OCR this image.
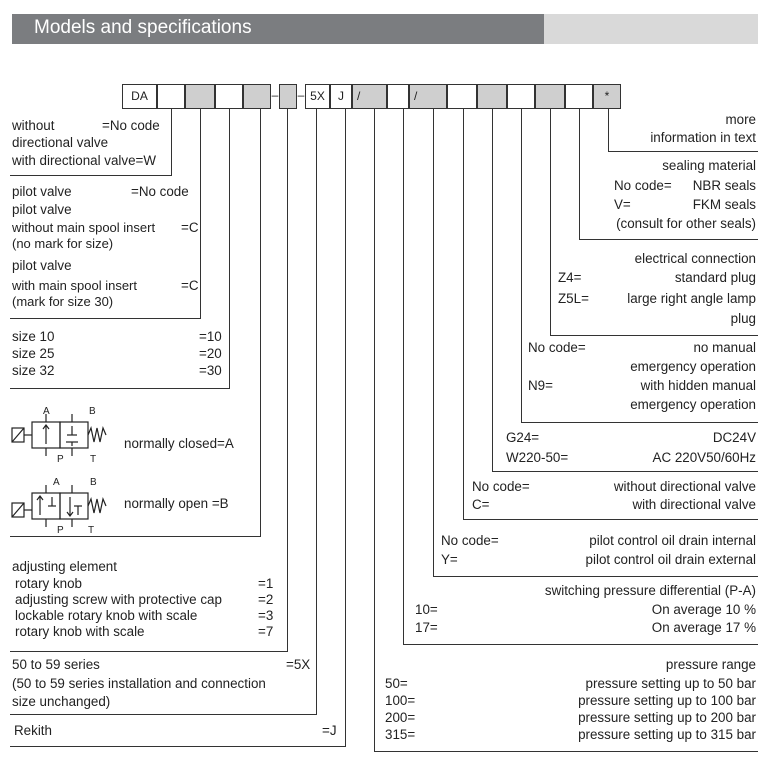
Models and specifications
DA	– – 5X	J	/	/	*
without	=No code
directional valve
with directional valve=W
pilot valve	=No code
pilot valve
without main spool insert =C
(no mark for size)
pilot valve
with main spool insert	=C
(mark for size 30)
size 10	=10
size 25	=20
size 32	=30
A	B
P	T
normally closed=A
A	B
P T
normally open =B
adjusting element
rotary knob	=1
adjusting screw with protective cap	=2
lockable rotary knob with scale	=3
rotary knob with scale	=7
50 to 59 series	=5X
(50 to 59 series installation and connection
size unchanged)
Rekith	=J
more
information in text
sealing material
No code= NBR seals
V=	FKM seals
(consult for other seals)
electrical connection
Z4=	standard plug
Z5L=	large right angle lamp
plug
No code=	no manual
emergency operation
N9=	with hidden manual
emergency operation
G24=	DC24V
W220-50=	AC 220V50/60Hz
No code=	without directional valve
C=	with directional valve
No code=	pilot control oil drain internal
Y=	pilot control oil drain external
switching pressure differential (P-A)
10=	On average 10 %
17=	On average 17 %
pressure range
50=	pressure setting up to 50 bar
100=	pressure setting up to 100 bar
200=	pressure setting up to 200 bar
315=	pressure setting up to 315 bar
